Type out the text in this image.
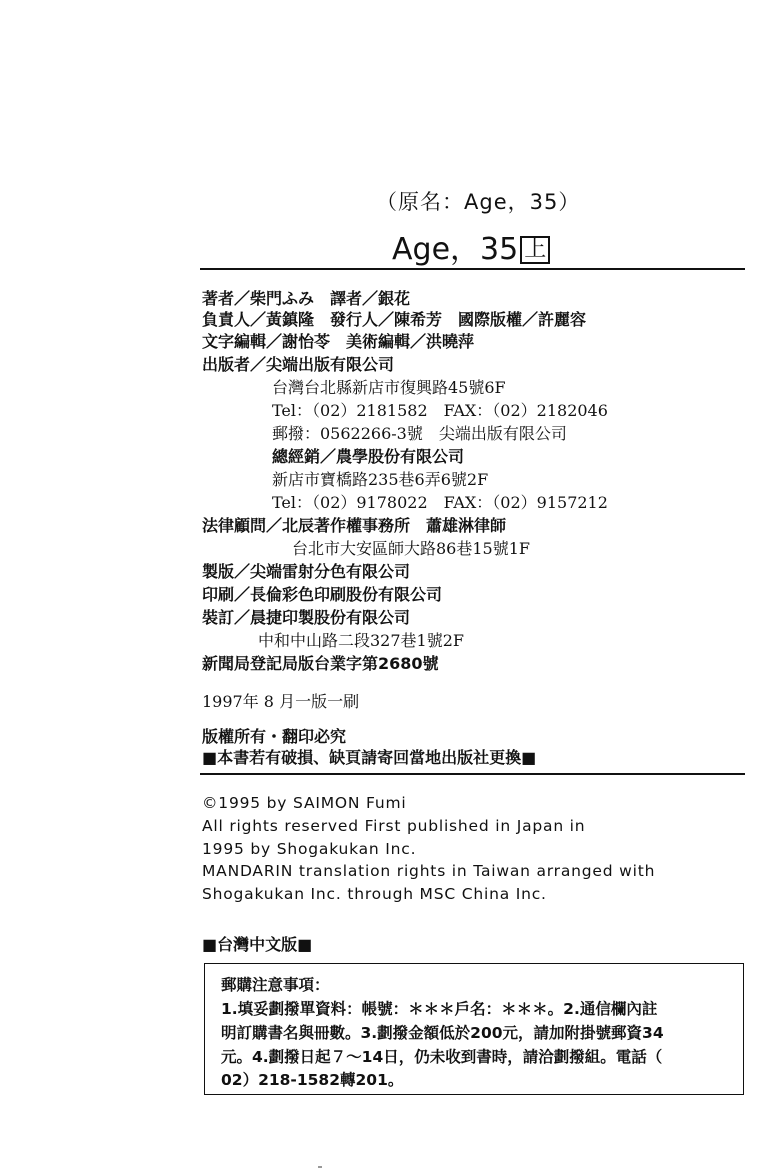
（原名：Age，35）
Age，35 上
著者／柴門ふみ　譯者／銀花
負責人／黃鎮隆　發行人／陳希芳　國際版權／許麗容
文字編輯／謝怡苓　美術編輯／洪曉萍
出版者／尖端出版有限公司
台灣台北縣新店市復興路45號6F
Tel：（02）2181582　FAX：（02）2182046
郵撥：0562266-3號　尖端出版有限公司
總經銷／農學股份有限公司
新店市寶橋路235巷6弄6號2F
Tel：（02）9178022　FAX：（02）9157212
法律顧問／北辰著作權事務所　蕭雄淋律師
台北市大安區師大路86巷15號1F
製版／尖端雷射分色有限公司
印刷／長倫彩色印刷股份有限公司
裝訂／晨捷印製股份有限公司
中和中山路二段327巷1號2F
新聞局登記局版台業字第2680號
1997年 8 月一版一刷
版權所有・翻印必究
■本書若有破損、缺頁請寄回當地出版社更換■
©1995 by SAIMON Fumi
All rights reserved First published in Japan in
1995 by Shogakukan Inc.
MANDARIN translation rights in Taiwan arranged with
Shogakukan Inc. through MSC China Inc.
■台灣中文版■
郵購注意事項：
1.填妥劃撥單資料：帳號：＊＊＊戶名：＊＊＊。2.通信欄內註
明訂購書名與冊數。3.劃撥金額低於200元，請加附掛號郵資34
元。4.劃撥日起７～14日，仍未收到書時，請洽劃撥組。電話（
02）218-1582轉201。
